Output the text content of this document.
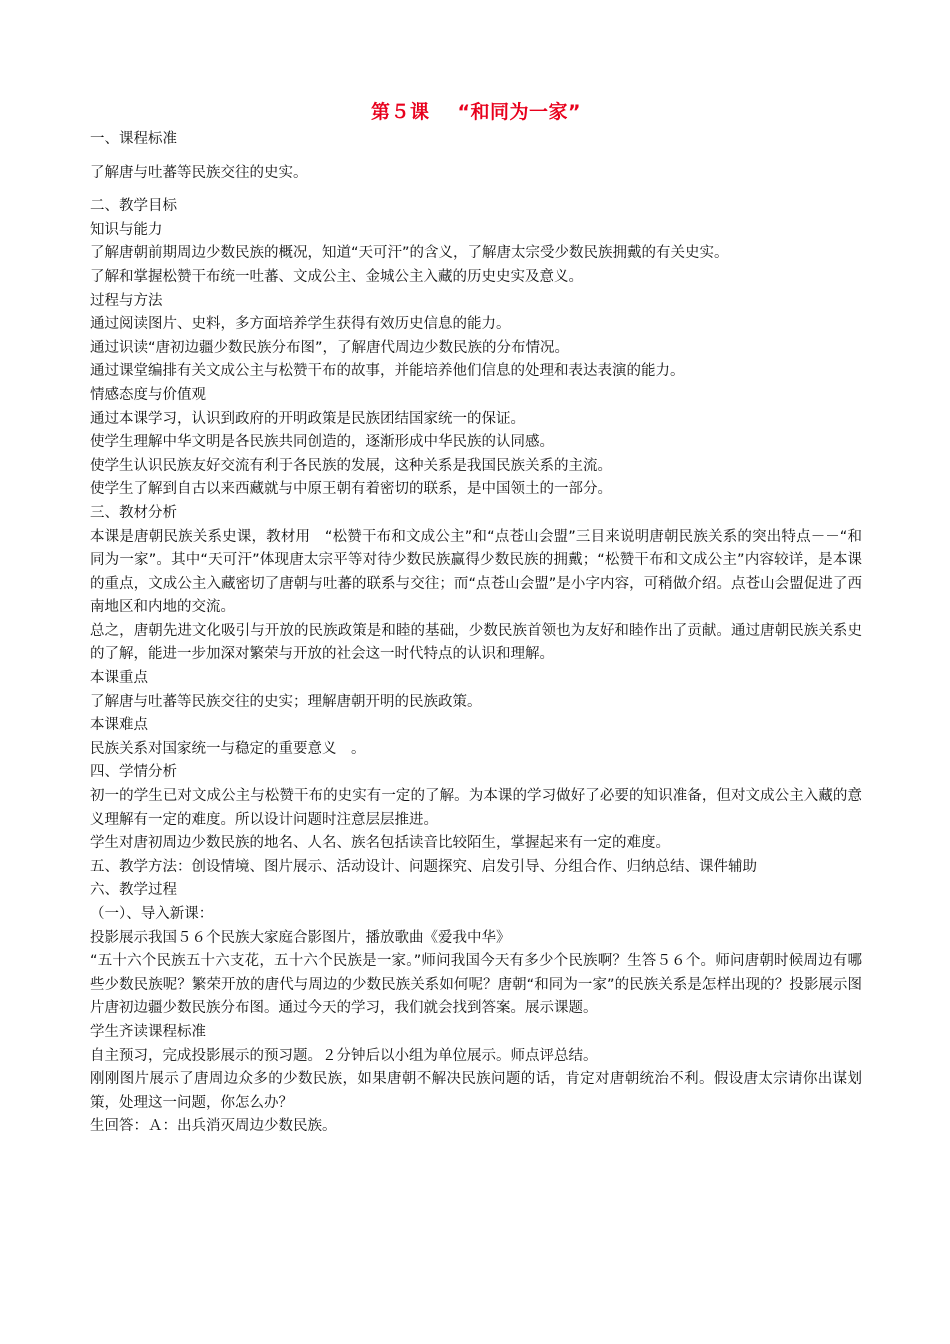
第５课 “和同为一家”

一、课程标准

了解唐与吐蕃等民族交往的史实。

二、教学目标

知识与能力

了解唐朝前期周边少数民族的概况，知道“天可汗”的含义，了解唐太宗受少数民族拥戴的有关史实。

了解和掌握松赞干布统一吐蕃、文成公主、金城公主入藏的历史史实及意义。

过程与方法

通过阅读图片、史料，多方面培养学生获得有效历史信息的能力。

通过识读“唐初边疆少数民族分布图”，了解唐代周边少数民族的分布情况。

通过课堂编排有关文成公主与松赞干布的故事，并能培养他们信息的处理和表达表演的能力。

情感态度与价值观

通过本课学习，认识到政府的开明政策是民族团结国家统一的保证。

使学生理解中华文明是各民族共同创造的，逐渐形成中华民族的认同感。

使学生认识民族友好交流有利于各民族的发展，这种关系是我国民族关系的主流。

使学生了解到自古以来西藏就与中原王朝有着密切的联系，是中国领土的一部分。

三、教材分析

本课是唐朝民族关系史课，教材用　“松赞干布和文成公主”和“点苍山会盟”三目来说明唐朝民族关系的突出特点－－“和同为一家”。其中“天可汗”体现唐太宗平等对待少数民族赢得少数民族的拥戴；“松赞干布和文成公主”内容较详，是本课的重点，文成公主入藏密切了唐朝与吐蕃的联系与交往；而“点苍山会盟”是小字内容，可稍做介绍。点苍山会盟促进了西南地区和内地的交流。

总之，唐朝先进文化吸引与开放的民族政策是和睦的基础，少数民族首领也为友好和睦作出了贡献。通过唐朝民族关系史的了解，能进一步加深对繁荣与开放的社会这一时代特点的认识和理解。

本课重点

了解唐与吐蕃等民族交往的史实；理解唐朝开明的民族政策。

本课难点

民族关系对国家统一与稳定的重要意义　。

四、学情分析

初一的学生已对文成公主与松赞干布的史实有一定的了解。为本课的学习做好了必要的知识准备，但对文成公主入藏的意义理解有一定的难度。所以设计问题时注意层层推进。

学生对唐初周边少数民族的地名、人名、族名包括读音比较陌生，掌握起来有一定的难度。

五、教学方法：创设情境、图片展示、活动设计、问题探究、启发引导、分组合作、归纳总结、课件辅助

六、教学过程

（一）、导入新课：

投影展示我国５６个民族大家庭合影图片，播放歌曲《爱我中华》

“五十六个民族五十六支花，五十六个民族是一家。”师问我国今天有多少个民族啊？生答５６个。师问唐朝时候周边有哪些少数民族呢？繁荣开放的唐代与周边的少数民族关系如何呢？唐朝“和同为一家”的民族关系是怎样出现的？投影展示图片唐初边疆少数民族分布图。通过今天的学习，我们就会找到答案。展示课题。

学生齐读课程标准

自主预习，完成投影展示的预习题。２分钟后以小组为单位展示。师点评总结。

刚刚图片展示了唐周边众多的少数民族，如果唐朝不解决民族问题的话，肯定对唐朝统治不利。假设唐太宗请你出谋划策，处理这一问题，你怎么办？

生回答：Ａ：出兵消灭周边少数民族。
